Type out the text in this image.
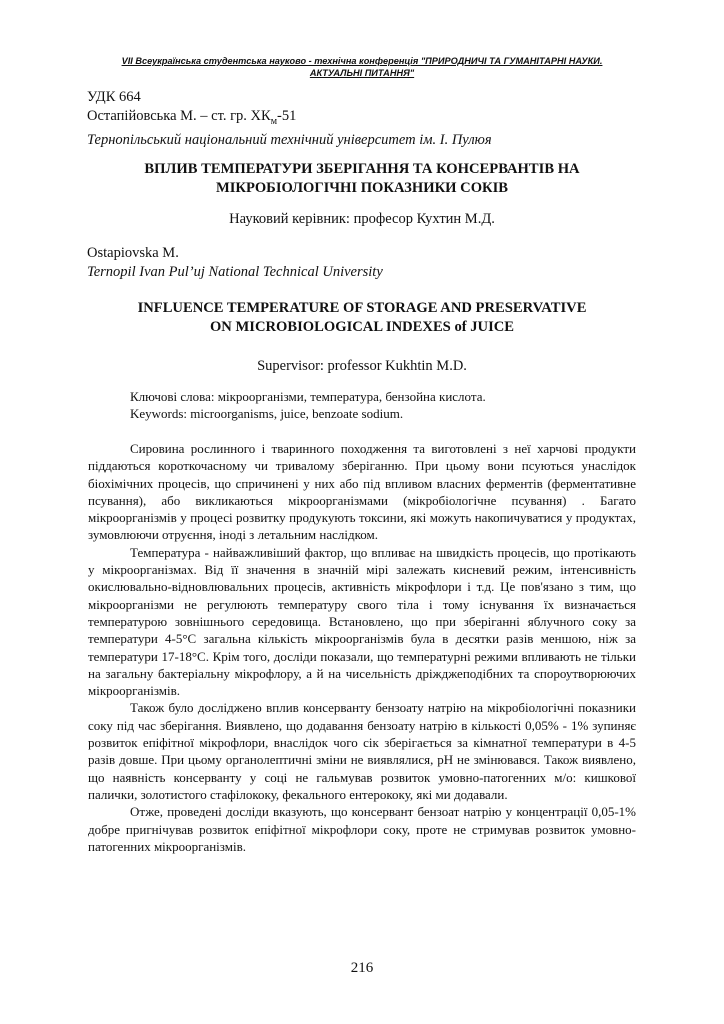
VII Всеукраїнська студентська науково - технічна конференція "ПРИРОДНИЧІ ТА ГУМАНІТАРНІ НАУКИ.
АКТУАЛЬНІ ПИТАННЯ"
УДК 664
Остапійовська М. – ст. гр. $ХК_м-51$
Тернопільський національний технічний університет ім. І. Пулюя
ВПЛИВ ТЕМПЕРАТУРИ ЗБЕРІГАННЯ ТА КОНСЕРВАНТІВ НА
МІКРОБІОЛОГІЧНІ ПОКАЗНИКИ СОКІВ
Науковий керівник: професор Кухтин М.Д.
Ostapiovska M.
Ternopil Ivan Pul’uj National Technical University
INFLUENCE TEMPERATURE OF STORAGE AND PRESERVATIVE
ON MICROBIOLOGICAL INDEXES of JUICE
Supervisor: professor Kukhtin M.D.
Ключові слова: мікроорганізми, температура, бензойна кислота.
Keywords: microorganisms, juice, benzoate sodium.

Сировина рослинного і тваринного походження та виготовлені з неї харчові продукти піддаються короткочасному чи тривалому зберіганню. При цьому вони псуються унаслідок біохімічних процесів, що спричинені у них або під впливом власних ферментів (ферментативне псування), або викликаються мікроорганізмами (мікробіологічне псування) . Багато мікроорганізмів у процесі розвитку продукують токсини, які можуть накопичуватися у продуктах, зумовлюючи отруєння, іноді з летальним наслідком.

Температура - найважливіший фактор, що впливає на швидкість процесів, що протікають у мікроорганізмах. Від її значення в значній мірі залежать кисневий режим, інтенсивність окислювально-відновлювальних процесів, активність мікрофлори і т.д. Це пов'язано з тим, що мікроорганізми не регулюють температуру свого тіла і тому існування їх визначається температурою зовнішнього середовища. Встановлено, що при зберіганні яблучного соку за температури 4-5°С загальна кількість мікроорганізмів була в десятки разів меншою, ніж за температури 17-18°С. Крім того, досліди показали, що температурні режими впливають не тільки на загальну бактеріальну мікрофлору, а й на чисельність дріжджеподібних та спороутворюючих мікроорганізмів.

Також було досліджено вплив консерванту бензоату натрію на мікробіологічні показники соку під час зберігання. Виявлено, що додавання бензоату натрію в кількості 0,05% - 1% зупиняє розвиток епіфітної мікрофлори, внаслідок чого сік зберігається за кімнатної температури в 4-5 разів довше. При цьому органолептичні зміни не виявлялися, pH не змінювався. Також виявлено, що наявність консерванту у соці не гальмував розвиток умовно-патогенних м/о: кишкової палички, золотистого стафілококу, фекального ентерококу, які ми додавали.

Отже, проведені досліди вказують, що консервант бензоат натрію у концентрації 0,05-1% добре пригнічував розвиток епіфітної мікрофлори соку, проте не стримував розвиток умовно-патогенних мікроорганізмів.

216
